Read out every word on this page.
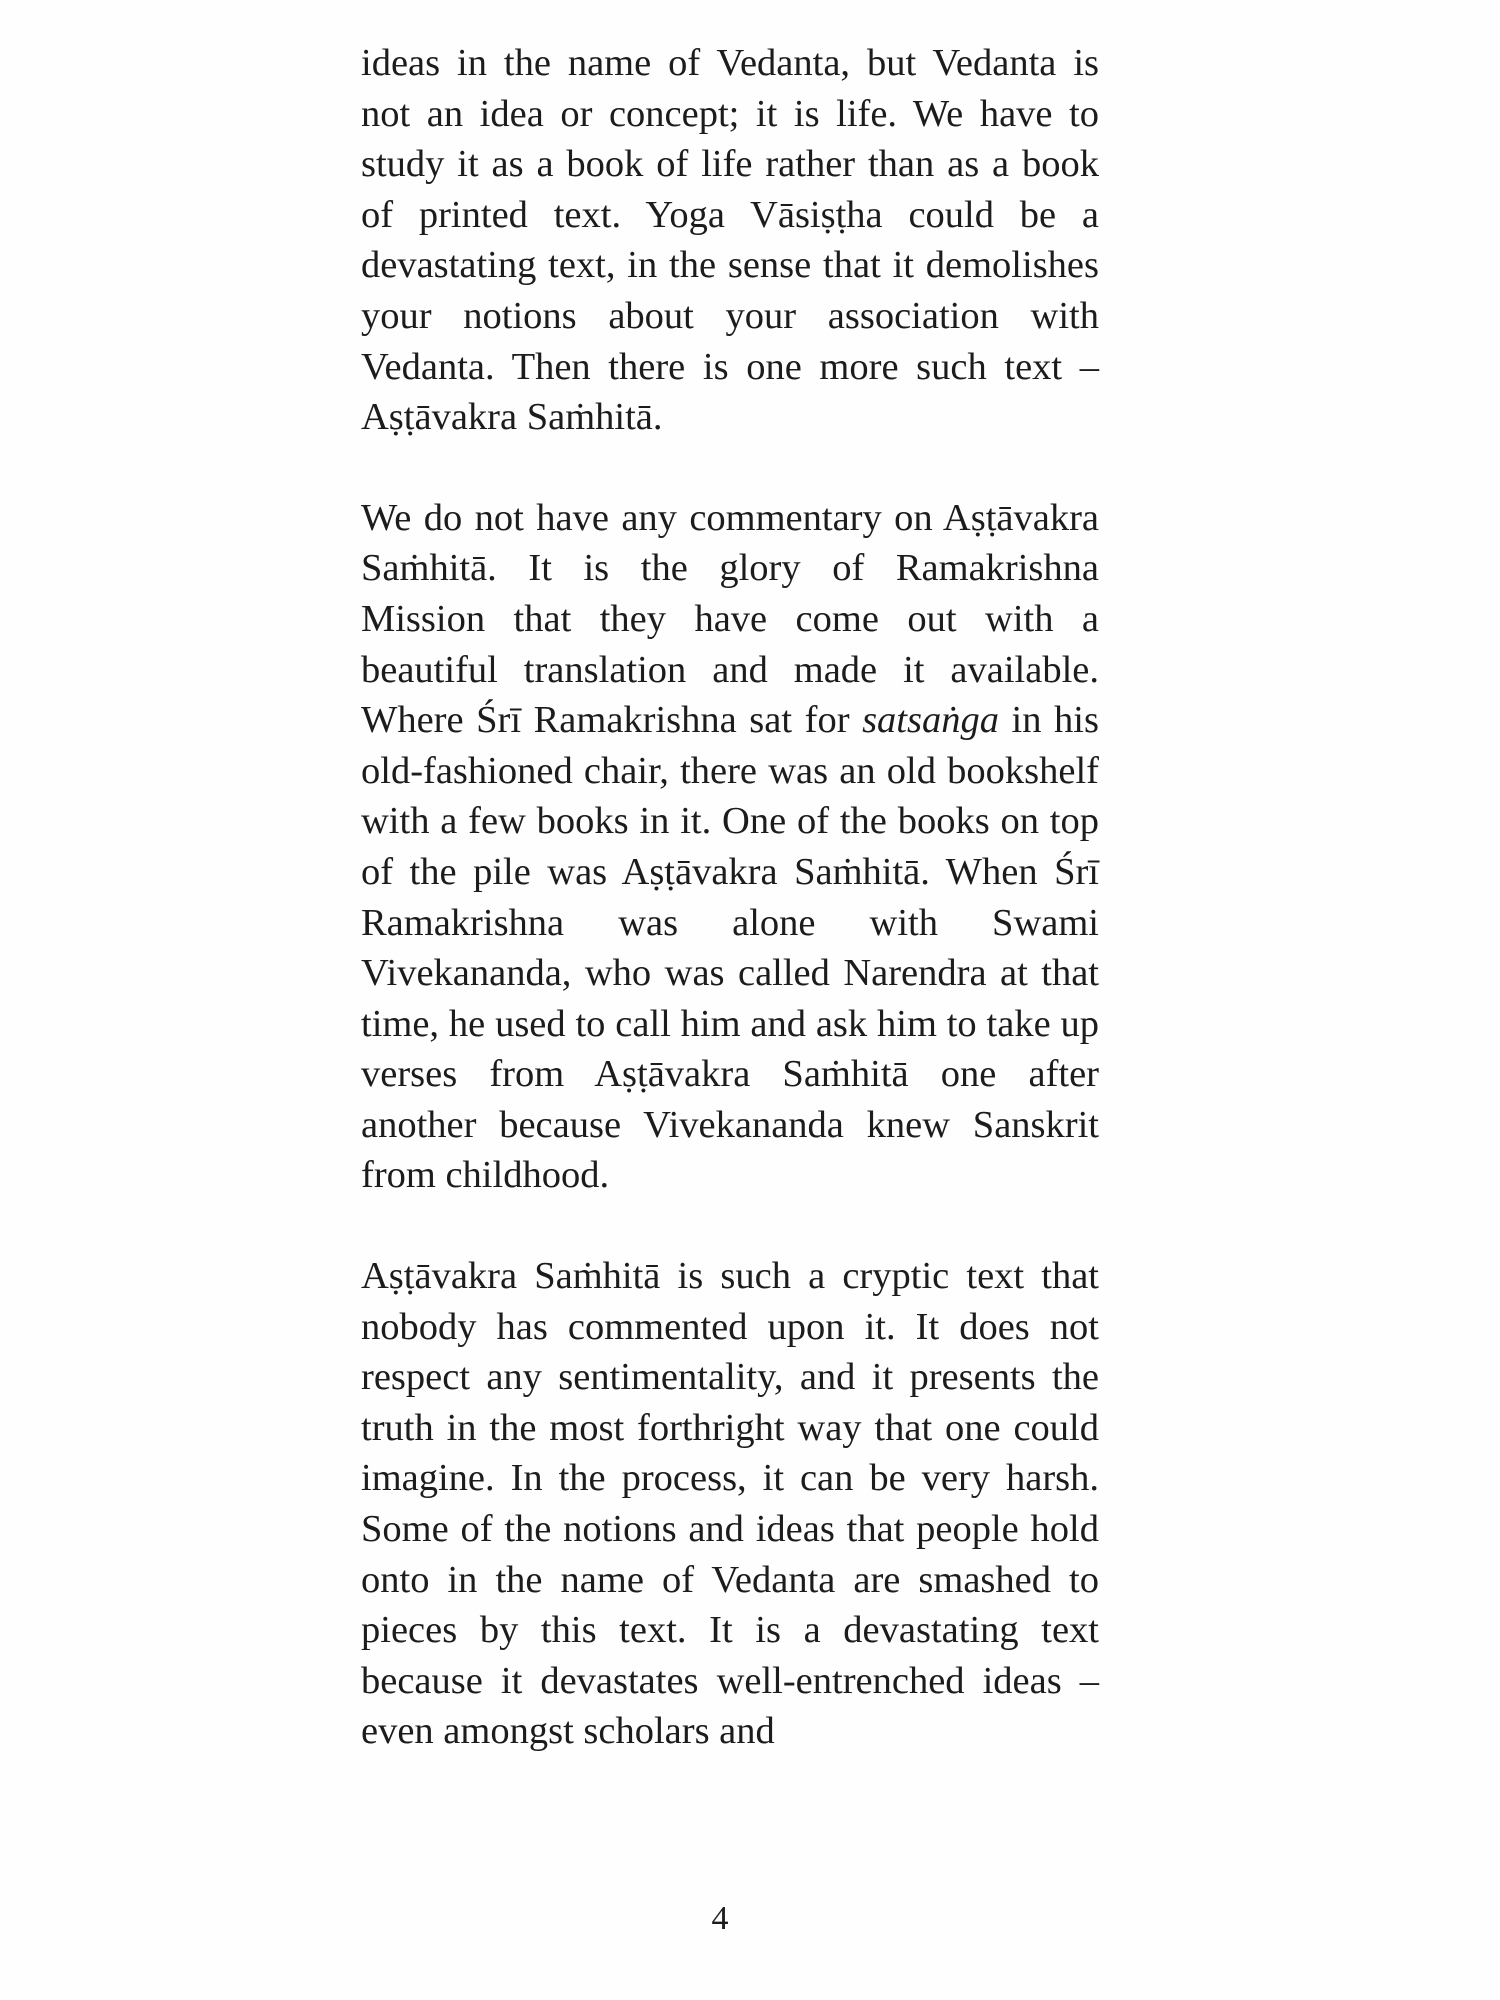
ideas in the name of Vedanta, but Vedanta is not an idea or concept; it is life. We have to study it as a book of life rather than as a book of printed text. Yoga Vāsiṣṭha could be a devastating text, in the sense that it demolishes your notions about your association with Vedanta. Then there is one more such text – Aṣṭāvakra Saṁhitā.

We do not have any commentary on Aṣṭāvakra Saṁhitā. It is the glory of Ramakrishna Mission that they have come out with a beautiful translation and made it available. Where Śrī Ramakrishna sat for satsaṅga in his old-fashioned chair, there was an old bookshelf with a few books in it. One of the books on top of the pile was Aṣṭāvakra Saṁhitā. When Śrī Ramakrishna was alone with Swami Vivekananda, who was called Narendra at that time, he used to call him and ask him to take up verses from Aṣṭāvakra Saṁhitā one after another because Vivekananda knew Sanskrit from childhood.

Aṣṭāvakra Saṁhitā is such a cryptic text that nobody has commented upon it. It does not respect any sentimentality, and it presents the truth in the most forthright way that one could imagine. In the process, it can be very harsh. Some of the notions and ideas that people hold onto in the name of Vedanta are smashed to pieces by this text. It is a devastating text because it devastates well-entrenched ideas – even amongst scholars and

4
